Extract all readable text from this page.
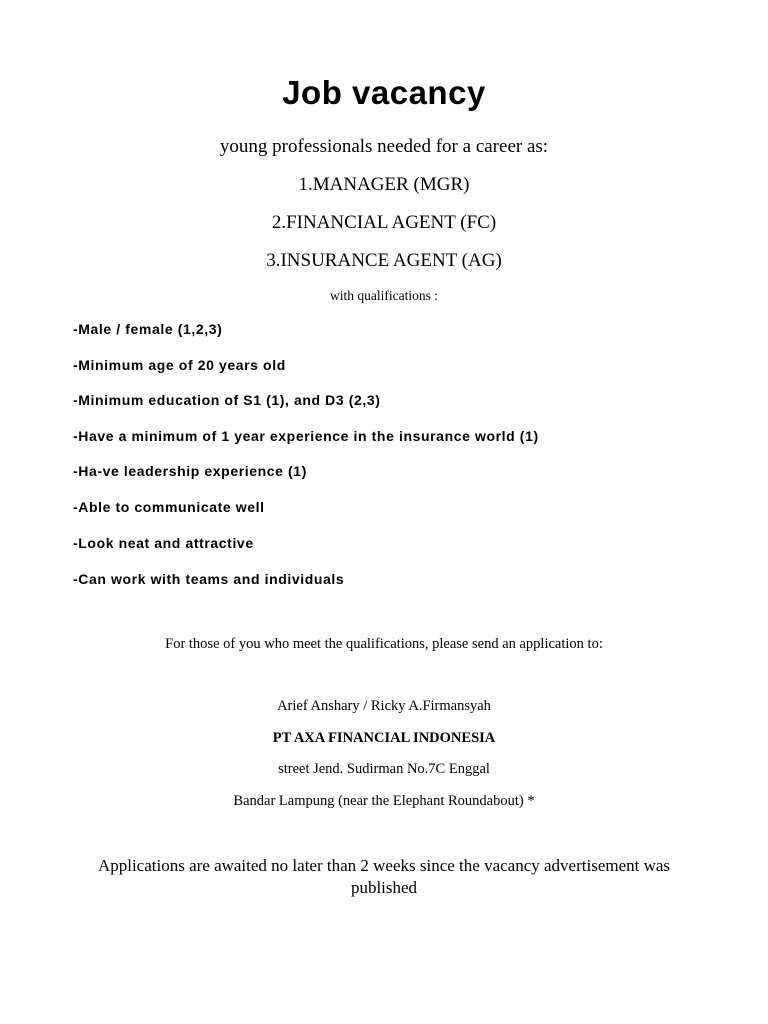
Job vacancy

young professionals needed for a career as:

1.MANAGER (MGR)

2.FINANCIAL AGENT (FC)

3.INSURANCE AGENT (AG)

with qualifications :

-Male / female (1,2,3)

-Minimum age of 20 years old

-Minimum education of S1 (1), and D3 (2,3)

-Have a minimum of 1 year experience in the insurance world (1)

-Ha-ve leadership experience (1)

-Able to communicate well

-Look neat and attractive

-Can work with teams and individuals

For those of you who meet the qualifications, please send an application to:

Arief Anshary / Ricky A.Firmansyah

PT AXA FINANCIAL INDONESIA

street Jend. Sudirman No.7C Enggal

Bandar Lampung (near the Elephant Roundabout) *

Applications are awaited no later than 2 weeks since the vacancy advertisement was published
